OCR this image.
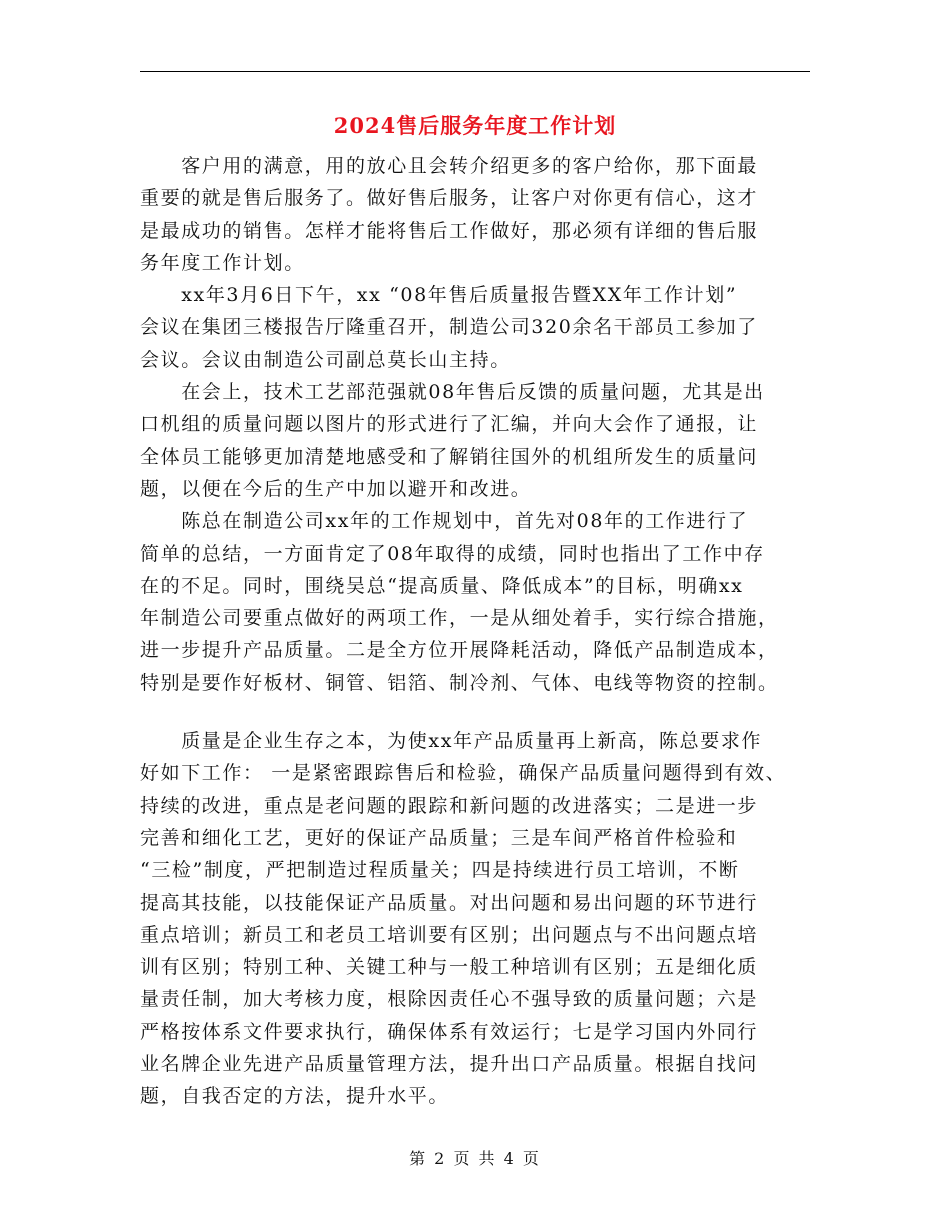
2024售后服务年度工作计划

　　客户用的满意，用的放心且会转介绍更多的客户给你，那下面最
重要的就是售后服务了。做好售后服务，让客户对你更有信心，这才
是最成功的销售。怎样才能将售后工作做好，那必须有详细的售后服
务年度工作计划。

　　xx年3月6日下午，xx “08年售后质量报告暨XX年工作计划”
会议在集团三楼报告厅隆重召开，制造公司320余名干部员工参加了
会议。会议由制造公司副总莫长山主持。

　　在会上，技术工艺部范强就08年售后反馈的质量问题，尤其是出
口机组的质量问题以图片的形式进行了汇编，并向大会作了通报，让
全体员工能够更加清楚地感受和了解销往国外的机组所发生的质量问
题，以便在今后的生产中加以避开和改进。

　　陈总在制造公司xx年的工作规划中，首先对08年的工作进行了
简单的总结，一方面肯定了08年取得的成绩，同时也指出了工作中存
在的不足。同时，围绕吴总“提高质量、降低成本”的目标，明确xx
年制造公司要重点做好的两项工作，一是从细处着手，实行综合措施，
进一步提升产品质量。二是全方位开展降耗活动，降低产品制造成本，
特别是要作好板材、铜管、铝箔、制冷剂、气体、电线等物资的控制。

　　质量是企业生存之本，为使xx年产品质量再上新高，陈总要求作
好如下工作： 一是紧密跟踪售后和检验，确保产品质量问题得到有效、
持续的改进，重点是老问题的跟踪和新问题的改进落实；二是进一步
完善和细化工艺，更好的保证产品质量；三是车间严格首件检验和
“三检”制度，严把制造过程质量关；四是持续进行员工培训，不断
提高其技能，以技能保证产品质量。对出问题和易出问题的环节进行
重点培训；新员工和老员工培训要有区别；出问题点与不出问题点培
训有区别；特别工种、关键工种与一般工种培训有区别；五是细化质
量责任制，加大考核力度，根除因责任心不强导致的质量问题；六是
严格按体系文件要求执行，确保体系有效运行；七是学习国内外同行
业名牌企业先进产品质量管理方法，提升出口产品质量。根据自找问
题，自我否定的方法，提升水平。

第 2 页 共 4 页
